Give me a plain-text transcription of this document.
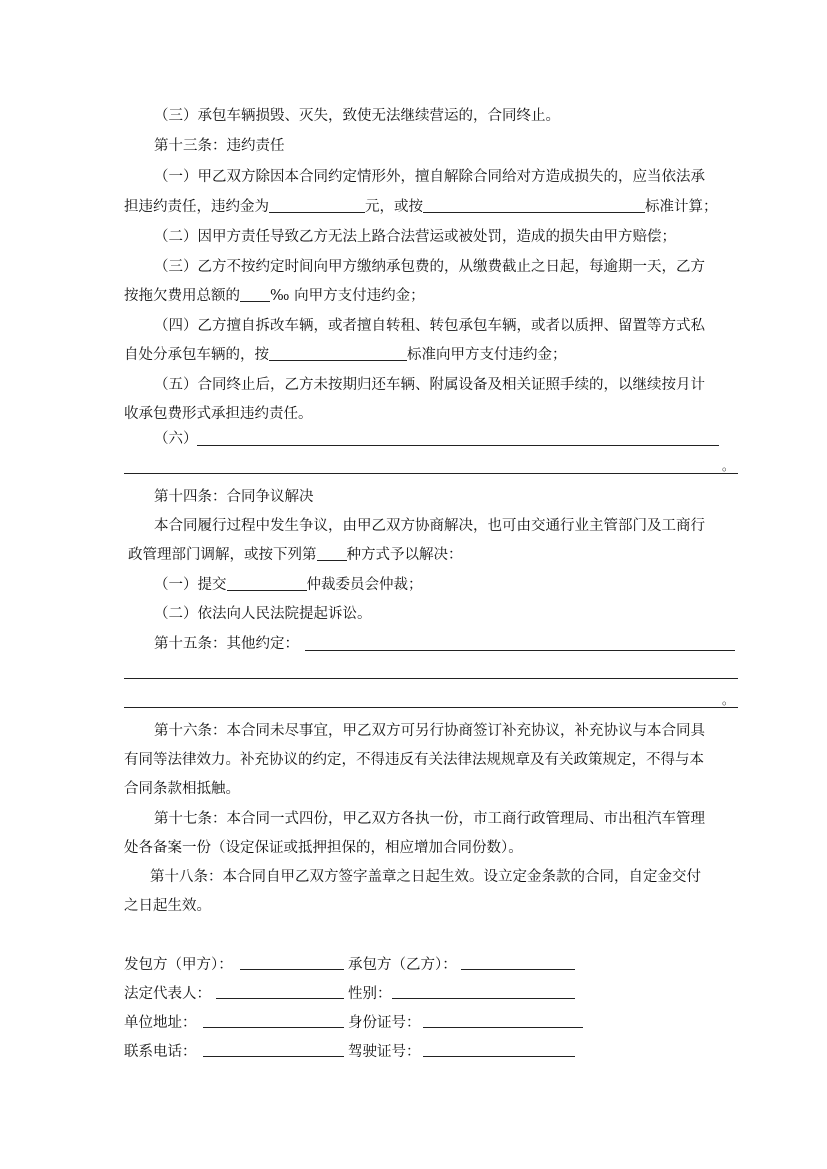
（三）承包车辆损毁、灭失，致使无法继续营运的，合同终止。
第十三条：违约责任
（一）甲乙双方除因本合同约定情形外，擅自解除合同给对方造成损失的，应当依法承
担违约责任，违约金为	元，或按	标准计算；
（二）因甲方责任导致乙方无法上路合法营运或被处罚，造成的损失由甲方赔偿；
（三）乙方不按约定时间向甲方缴纳承包费的，从缴费截止之日起，每逾期一天，乙方
按拖欠费用总额的 ‰ 向甲方支付违约金；
（四）乙方擅自拆改车辆，或者擅自转租、转包承包车辆，或者以质押、留置等方式私
自处分承包车辆的，按	标准向甲方支付违约金；
（五）合同终止后，乙方未按期归还车辆、附属设备及相关证照手续的，以继续按月计
收承包费形式承担违约责任。
（六）
。
第十四条：合同争议解决
本合同履行过程中发生争议，由甲乙双方协商解决，也可由交通行业主管部门及工商行
政管理部门调解，或按下列第 种方式予以解决：
（一）提交	仲裁委员会仲裁；
（二）依法向人民法院提起诉讼。
第十五条：其他约定：
。
第十六条：本合同未尽事宜，甲乙双方可另行协商签订补充协议，补充协议与本合同具
有同等法律效力。补充协议的约定，不得违反有关法律法规规章及有关政策规定，不得与本
合同条款相抵触。
第十七条：本合同一式四份，甲乙双方各执一份，市工商行政管理局、市出租汽车管理
处各备案一份（设定保证或抵押担保的，相应增加合同份数）。
第十八条：本合同自甲乙双方签字盖章之日起生效。设立定金条款的合同，自定金交付
之日起生效。
发包方（甲方）：	承包方（乙方）：
法定代表人：	性别：
单位地址：	身份证号：
联系电话：	驾驶证号：
